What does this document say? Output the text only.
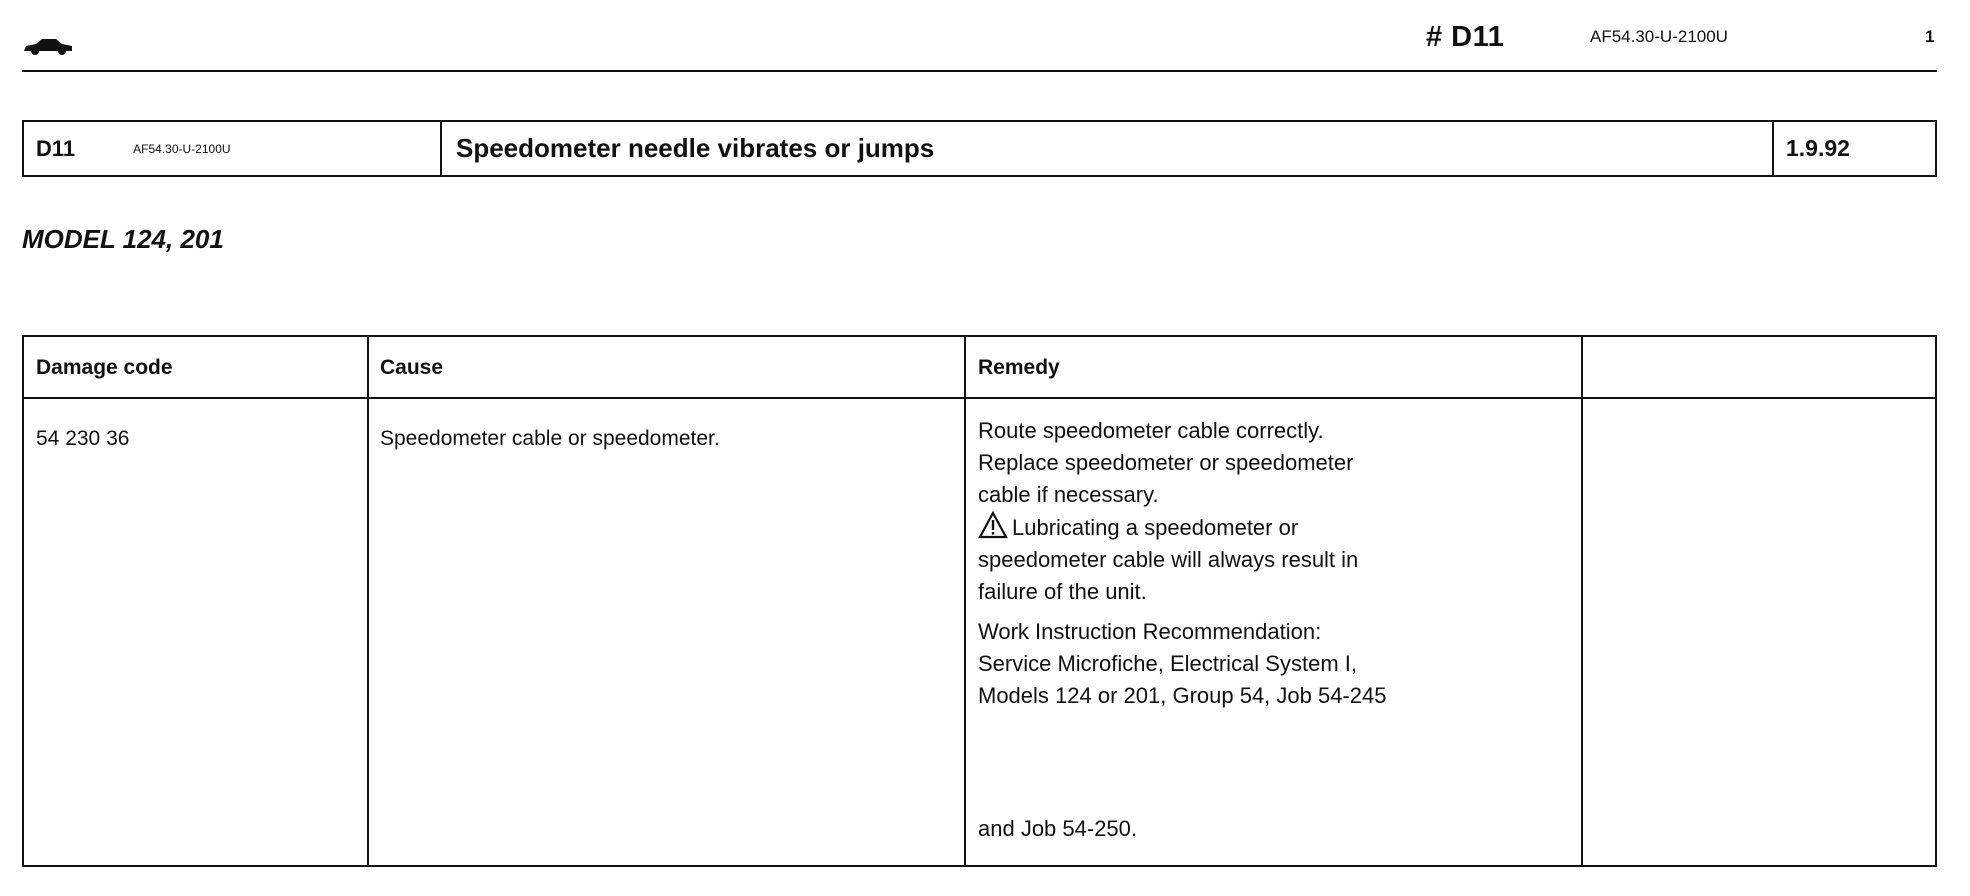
# D11	AF54.30-U-2100U	1
D11	AF54.30-U-2100U	Speedometer needle vibrates or jumps	1.9.92
MODEL 124, 201
Damage code	Cause	Remedy
54 230 36	Speedometer cable or speedometer.	Route speedometer cable correctly.
Replace speedometer or speedometer
cable if necessary.
Lubricating a speedometer or
speedometer cable will always result in
failure of the unit.

Work Instruction Recommendation:
Service Microfiche, Electrical System I,
Models 124 or 201, Group 54, Job 54-245

and Job 54-250.
